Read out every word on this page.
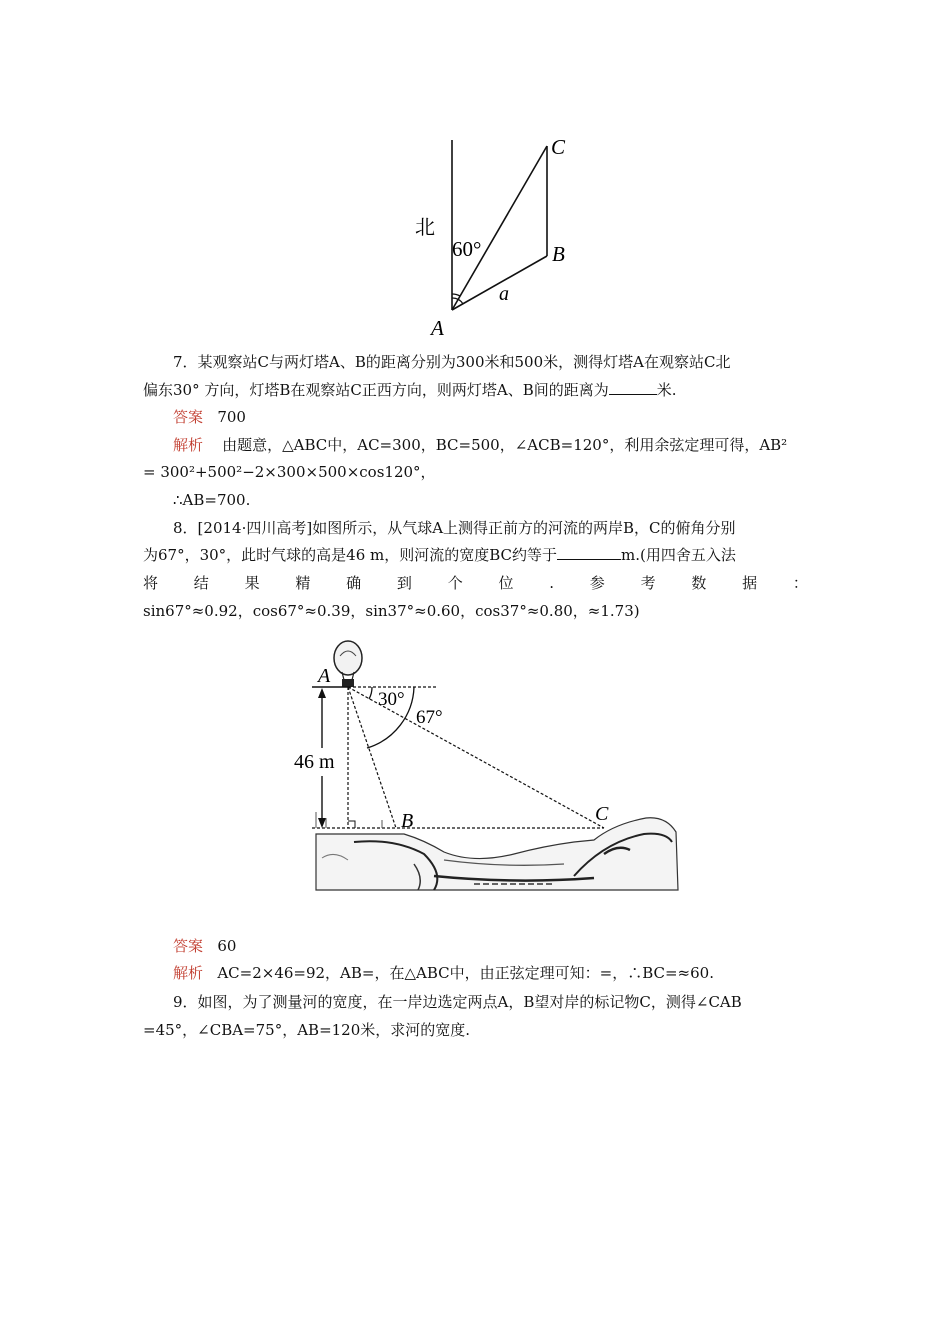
北
60°
A
B
C
a
7．某观察站C与两灯塔A、B的距离分别为300米和500米，测得灯塔A在观察站C北
偏东30° 方向，灯塔B在观察站C正西方向，则两灯塔A、B间的距离为	米.
答案 700
解析 由题意，△ABC中，AC=300，BC=500，∠ACB=120°，利用余弦定理可得，AB²
= 300²+500²−2×300×500×cos120°，
∴AB=700.
8．[2014·四川高考]如图所示，从气球A上测得正前方的河流的两岸B，C的俯角分别
为67°，30°，此时气球的高是46 m，则河流的宽度BC约等于	m.(用四舍五入法
将 结 果 精 确 到 个 位 . 参 考 数 据 ：
sin67°≈0.92，cos67°≈0.39，sin37°≈0.60，cos37°≈0.80，≈1.73)
A
B	C
30°
67°
46 m
答案 60
解析 AC=2×46=92，AB=，在△ABC中，由正弦定理可知：=，∴BC=≈60.
9．如图，为了测量河的宽度，在一岸边选定两点A，B望对岸的标记物C，测得∠CAB
=45°，∠CBA=75°，AB=120米，求河的宽度.
